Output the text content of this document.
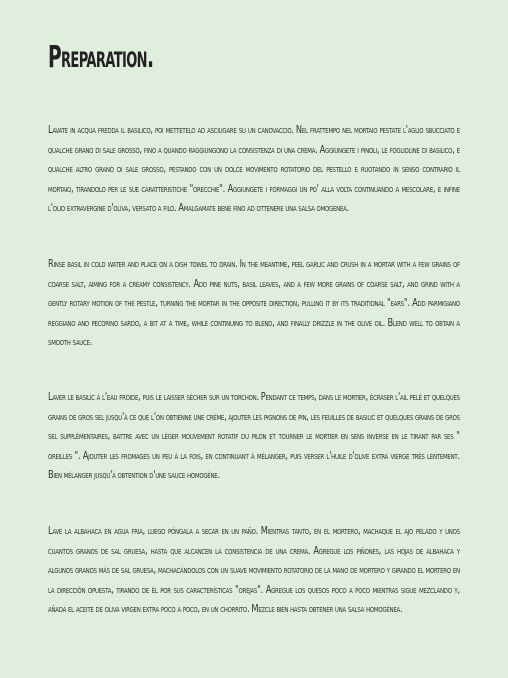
Preparation.

Lavate in acqua fredda il basilico, poi mettetelo ad asciugare su un canovaccio. Nel frattempo nel mortaio pestate l'aglio sbucciato e qualche grano di sale grosso, fino a quando raggiungono la consistenza di una crema. Aggiungete i pinoli, le foglioline di basilico, e qualche altro grano di sale grosso, pestando con un dolce movimento rotatorio del pestello e ruotando in senso contrario il mortaio, tirandolo per le sue caratteristiche "orecchie". Aggiungete i formaggi un po' alla volta continuando a mescolare, e infine l'olio extravergine d'oliva, versato a filo. Amalgamate bene fino ad ottenere una salsa omogenea.

Rinse basil in cold water and place on a dish towel to drain. In the meantime, peel garlic and crush in a mortar with a few grains of coarse salt, aiming for a creamy consistency. Add pine nuts, basil leaves, and a few more grains of coarse salt, and grind with a gently rotary motion of the pestle, turning the mortar in the opposite direction, pulling it by its traditional "ears". Add parmigiano reggiano and pecorino sardo, a bit at a time, while continuing to blend, and finally drizzle in the olive oil. Blend well to obtain a smooth sauce.

Laver le basilic à l'eau froide, puis le laisser sécher sur un torchon. Pendant ce temps, dans le mortier, écraser l'ail pelé et quelques grains de gros sel jusqu'à ce que l'on obtienne une crème, ajouter les pignons de pin, les feuilles de basilic et quelques grains de gros sel supplémentaires, battre avec un léger mouvement rotatif du pilon et tourner le mortier en sens inverse en le tirant par ses " oreilles ". Ajouter les fromages un peu à la fois, en continuant à mélanger, puis verser l'huile d'olive extra vierge très lentement. Bien mélanger jusqu'à obtention d'une sauce homogène.

Lave la albahaca en agua fría, luego póngala a secar en un paño. Mientras tanto, en el mortero, machaque el ajo pelado y unos cuantos granos de sal gruesa, hasta que alcancen la consistencia de una crema. Agregue los piñones, las hojas de albahaca y algunos granos más de sal gruesa, machacándolos con un suave movimiento rotatorio de la mano de mortero y girando el mortero en la dirección opuesta, tirando de él por sus características "orejas". Agregue los quesos poco a poco mientras sigue mezclando y, añada el aceite de oliva virgen extra poco a poco, en un chorrito. Mezcle bien hasta obtener una salsa homogénea.
